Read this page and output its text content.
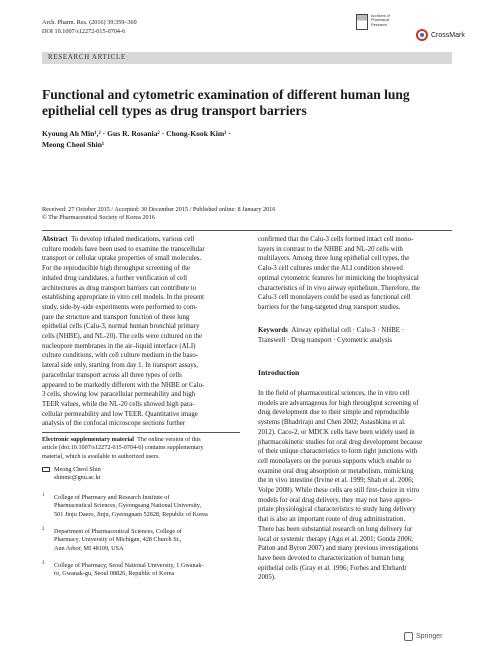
Arch. Pharm. Res. (2016) 39:359–369
DOI 10.1007/s12272-015-0704-6
Archives of
Pharmacal
Research
CrossMark
RESEARCH ARTICLE
Functional and cytometric examination of different human lung
epithelial cell types as drug transport barriers
Kyoung Ah Min¹,² · Gus R. Rosania² · Chong-Kook Kim³ ·
Meong Cheol Shin¹
Received: 27 October 2015 / Accepted: 30 December 2015 / Published online: 8 January 2016
© The Pharmaceutical Society of Korea 2016
Abstract To develop inhaled medications, various cell
culture models have been used to examine the transcellular
transport or cellular uptake properties of small molecules.
For the reproducible high throughput screening of the
inhaled drug candidates, a further verification of cell
architectures as drug transport barriers can contribute to
establishing appropriate in vitro cell models. In the present
study, side-by-side experiments were performed to com-
pare the structure and transport function of three lung
epithelial cells (Calu-3, normal human bronchial primary
cells (NHBE), and NL-20). The cells were cultured on the
nucleopore membranes in the air–liquid interface (ALI)
culture conditions, with cell culture medium in the baso-
lateral side only, starting from day 1. In transport assays,
paracellular transport across all three types of cells
appeared to be markedly different with the NHBE or Calu-
3 cells, showing low paracellular permeability and high
TEER values, while the NL-20 cells showed high para-
cellular permeability and low TEER. Quantitative image
analysis of the confocal microscope sections further
confirmed that the Calu-3 cells formed intact cell mono-
layers in contrast to the NHBE and NL-20 cells with
multilayers. Among three lung epithelial cell types, the
Calu-3 cell cultures under the ALI condition showed
optimal cytometric features for mimicking the biophysical
characteristics of in vivo airway epithelium. Therefore, the
Calu-3 cell monolayers could be used as functional cell
barriers for the lung-targeted drug transport studies.
Keywords Airway epithelial cell · Calu-3 · NHBE ·
Transwell · Drug transport · Cytometric analysis
Introduction
In the field of pharmaceutical sciences, the in vitro cell
models are advantageous for high throughput screening of
drug development due to their simple and reproducible
systems (Bhadriraju and Chen 2002; Astashkina et al.
2012). Caco-2, or MDCK cells have been widely used in
pharmacokinetic studies for oral drug development because
of their unique characteristics to form tight junctions with
cell monolayers on the porous supports which enable to
examine oral drug absorption or metabolism, mimicking
the in vivo intestine (Irvine et al. 1999; Shah et al. 2006;
Volpe 2008). While these cells are still first-choice in vitro
models for oral drug delivery, they may not have appro-
priate physiological characteristics to study lung delivery
that is also an important route of drug administration.
There has been substantial research on lung delivery for
local or systemic therapy (Agu et al. 2001; Gonda 2006;
Patton and Byron 2007) and many previous investigations
have been devoted to characterization of human lung
epithelial cells (Gray et al. 1996; Forbes and Ehrhardt
2005).
Electronic supplementary material The online version of this
article (doi:10.1007/s12272-015-0704-6) contains supplementary
material, which is available to authorized users.
Meong Cheol Shin
shinmc@gnu.ac.kr
1 College of Pharmacy and Research Institute of
Pharmaceutical Sciences, Gyeongsang National University,
501 Jinju Daero, Jinju, Gyeongnam 52828, Republic of Korea
2 Department of Pharmaceutical Sciences, College of
Pharmacy, University of Michigan, 428 Church St.,
Ann Arbor, MI 48109, USA
3 College of Pharmacy, Seoul National University, 1 Gwanak-
ro, Gwanak-gu, Seoul 08826, Republic of Korea
Springer
